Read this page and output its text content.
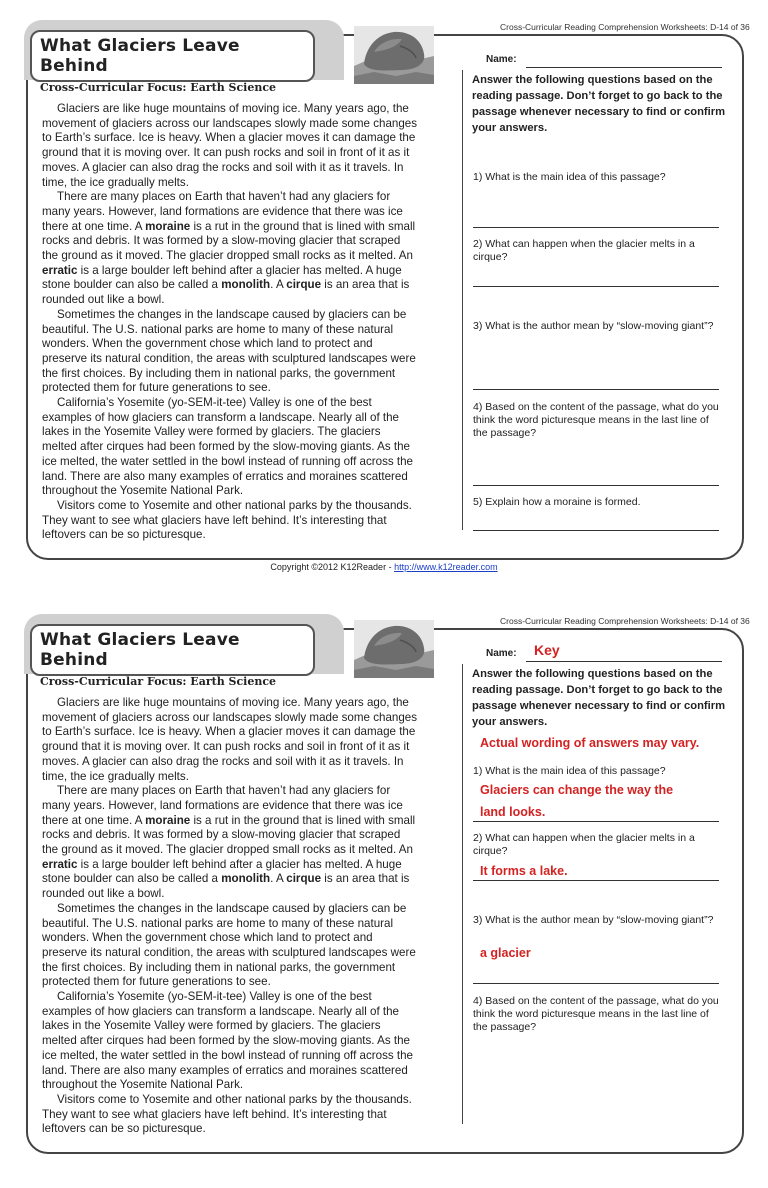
Cross-Curricular Reading Comprehension Worksheets: D-14 of 36
What Glaciers Leave Behind
Cross-Curricular Focus: Earth Science
Name:

Glaciers are like huge mountains of moving ice. Many years ago, the
movement of glaciers across our landscapes slowly made some changes
to Earth’s surface. Ice is heavy. When a glacier moves it can damage the
ground that it is moving over. It can push rocks and soil in front of it as it
moves. A glacier can also drag the rocks and soil with it as it travels. In
time, the ice gradually melts.

There are many places on Earth that haven’t had any glaciers for
many years. However, land formations are evidence that there was ice
there at one time. A moraine is a rut in the ground that is lined with small
rocks and debris. It was formed by a slow-moving glacier that scraped
the ground as it moved. The glacier dropped small rocks as it melted. An
erratic is a large boulder left behind after a glacier has melted. A huge
stone boulder can also be called a monolith. A cirque is an area that is
rounded out like a bowl.

Sometimes the changes in the landscape caused by glaciers can be
beautiful. The U.S. national parks are home to many of these natural
wonders. When the government chose which land to protect and
preserve its natural condition, the areas with sculptured landscapes were
the first choices. By including them in national parks, the government
protected them for future generations to see.

California’s Yosemite (yo-SEM-it-tee) Valley is one of the best
examples of how glaciers can transform a landscape. Nearly all of the
lakes in the Yosemite Valley were formed by glaciers. The glaciers
melted after cirques had been formed by the slow-moving giants. As the
ice melted, the water settled in the bowl instead of running off across the
land. There are also many examples of erratics and moraines scattered
throughout the Yosemite National Park.

Visitors come to Yosemite and other national parks by the thousands.
They want to see what glaciers have left behind. It’s interesting that
leftovers can be so picturesque.

Answer the following questions based on the reading passage. Don’t forget to go back to the passage whenever necessary to find or confirm your answers.
1) What is the main idea of this passage?
2) What can happen when the glacier melts in a cirque?
3) What is the author mean by “slow-moving giant”?
4) Based on the content of the passage, what do you think the word picturesque means in the last line of the passage?
5) Explain how a moraine is formed.
Copyright ©2012 K12Reader - http://www.k12reader.com
Cross-Curricular Reading Comprehension Worksheets: D-14 of 36
What Glaciers Leave Behind
Cross-Curricular Focus: Earth Science
Name: Key

Glaciers are like huge mountains of moving ice. Many years ago, the
movement of glaciers across our landscapes slowly made some changes
to Earth’s surface. Ice is heavy. When a glacier moves it can damage the
ground that it is moving over. It can push rocks and soil in front of it as it
moves. A glacier can also drag the rocks and soil with it as it travels. In
time, the ice gradually melts.

There are many places on Earth that haven’t had any glaciers for
many years. However, land formations are evidence that there was ice
there at one time. A moraine is a rut in the ground that is lined with small
rocks and debris. It was formed by a slow-moving glacier that scraped
the ground as it moved. The glacier dropped small rocks as it melted. An
erratic is a large boulder left behind after a glacier has melted. A huge
stone boulder can also be called a monolith. A cirque is an area that is
rounded out like a bowl.

Sometimes the changes in the landscape caused by glaciers can be
beautiful. The U.S. national parks are home to many of these natural
wonders. When the government chose which land to protect and
preserve its natural condition, the areas with sculptured landscapes were
the first choices. By including them in national parks, the government
protected them for future generations to see.

California’s Yosemite (yo-SEM-it-tee) Valley is one of the best
examples of how glaciers can transform a landscape. Nearly all of the
lakes in the Yosemite Valley were formed by glaciers. The glaciers
melted after cirques had been formed by the slow-moving giants. As the
ice melted, the water settled in the bowl instead of running off across the
land. There are also many examples of erratics and moraines scattered
throughout the Yosemite National Park.

Visitors come to Yosemite and other national parks by the thousands.
They want to see what glaciers have left behind. It’s interesting that
leftovers can be so picturesque.

Answer the following questions based on the reading passage. Don’t forget to go back to the passage whenever necessary to find or confirm your answers.
Actual wording of answers may vary.
1) What is the main idea of this passage?
Glaciers can change the way the
land looks.
2) What can happen when the glacier melts in a cirque?
It forms a lake.
3) What is the author mean by “slow-moving giant”?
a glacier
4) Based on the content of the passage, what do you think the word picturesque means in the last line of the passage?
